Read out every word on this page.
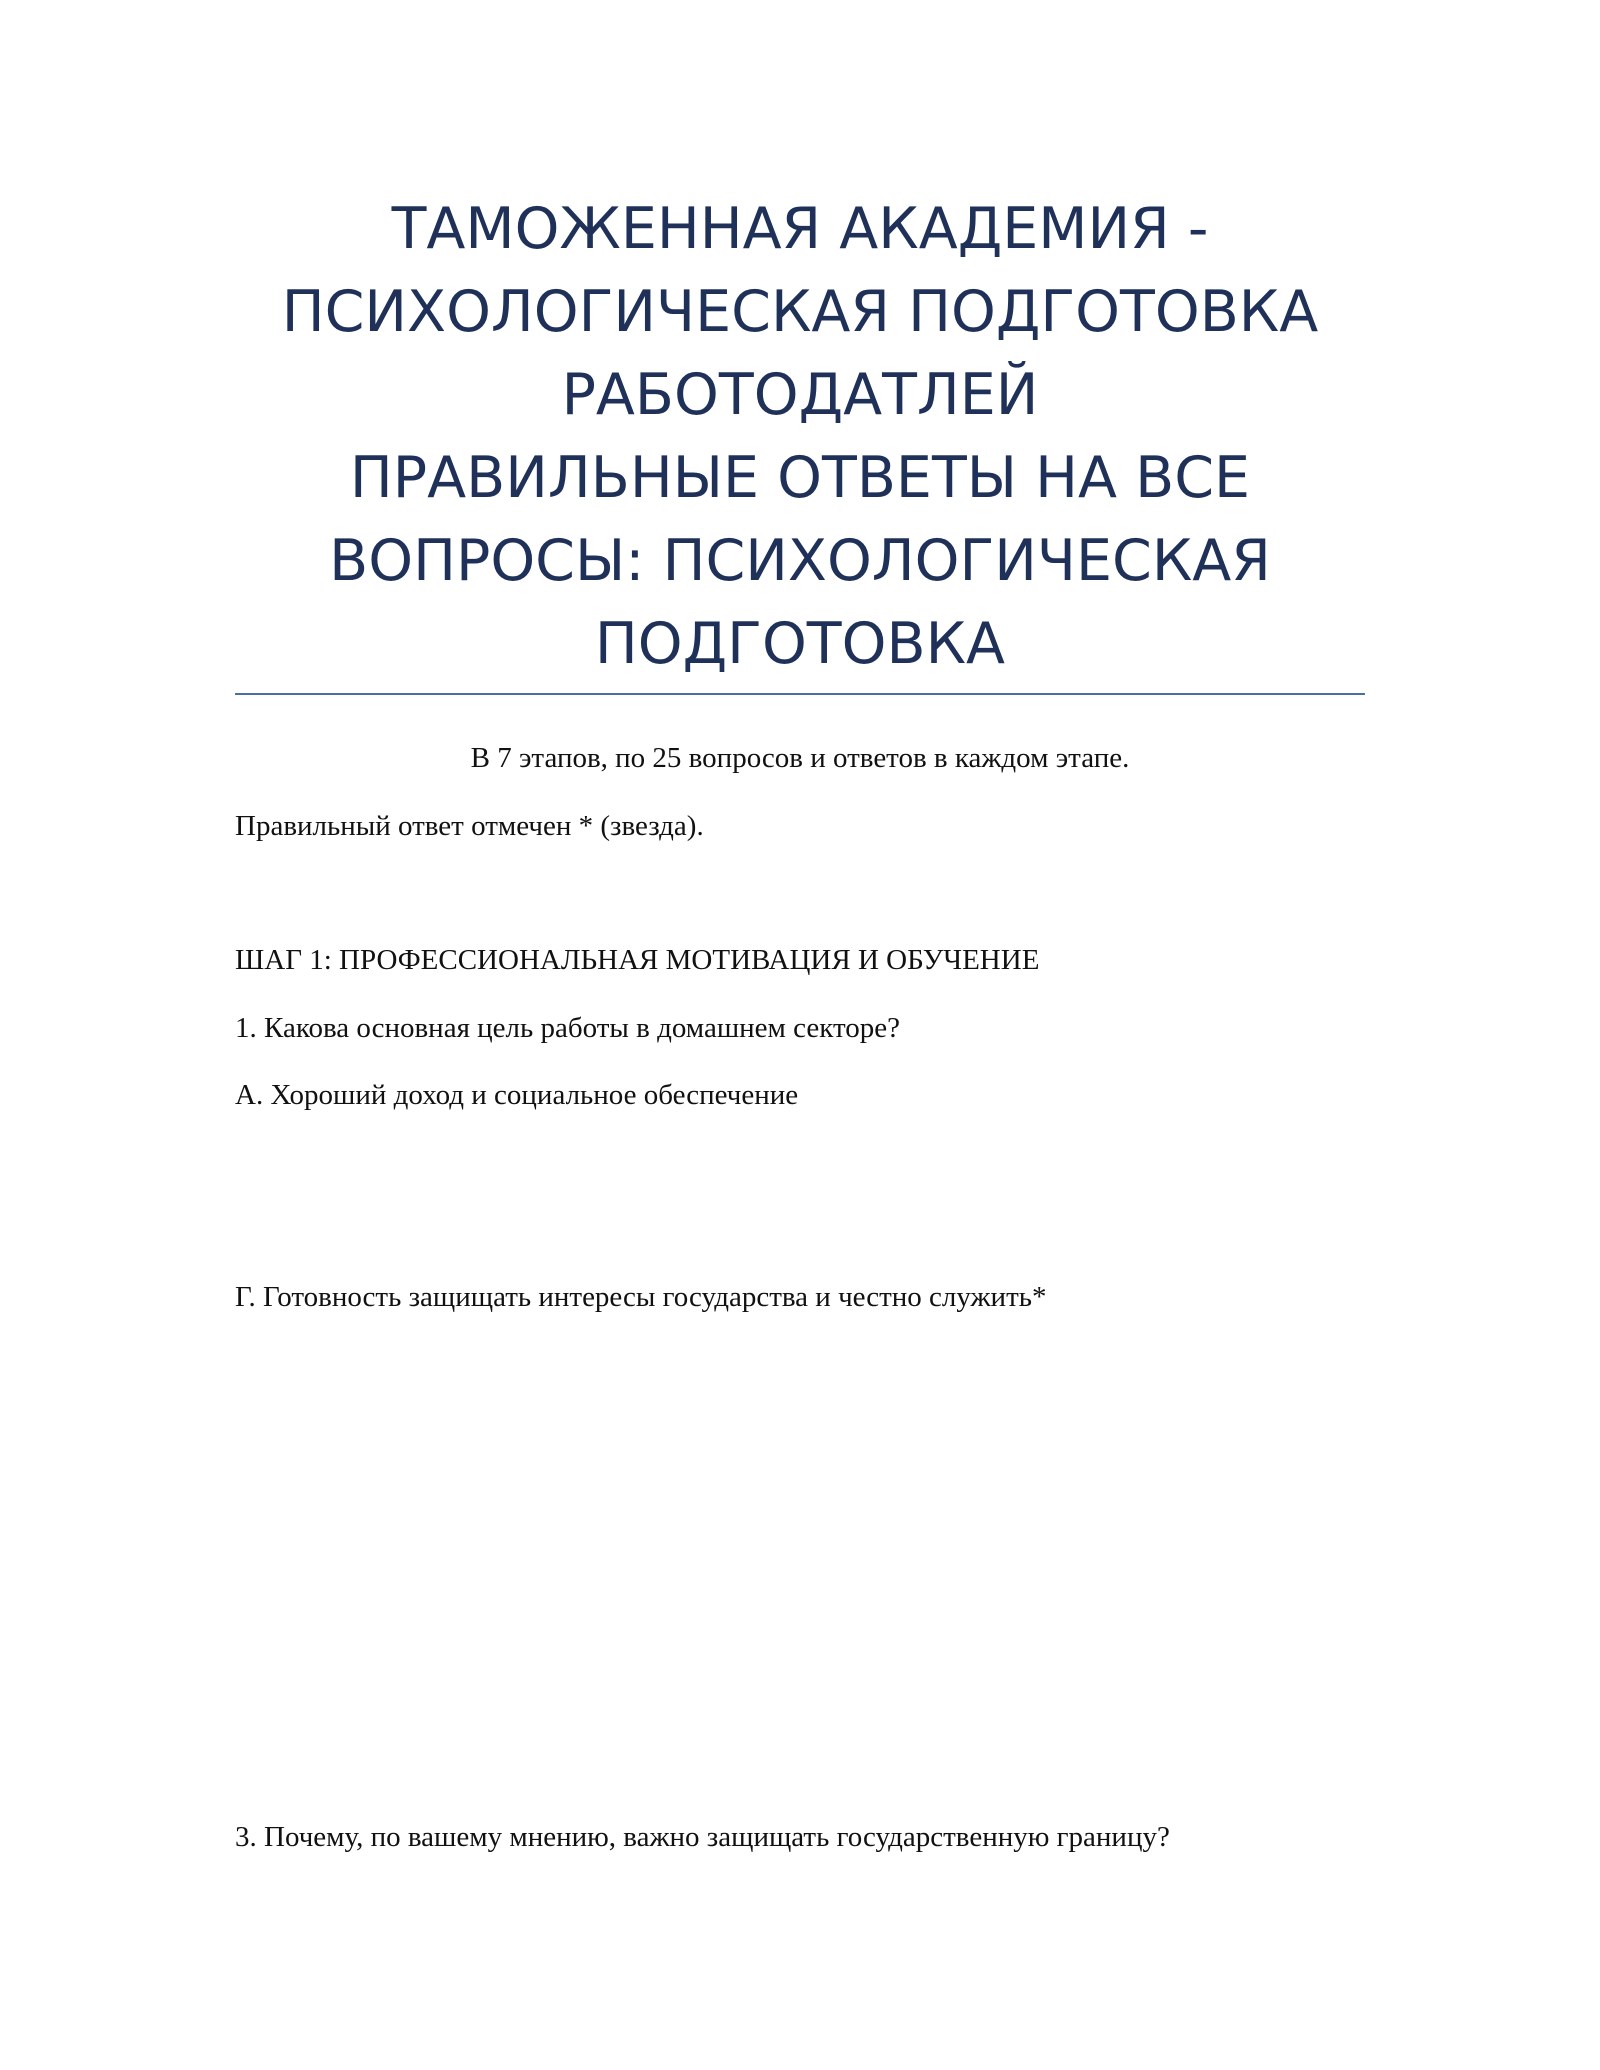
ТАМОЖЕННАЯ АКАДЕМИЯ -
ПСИХОЛОГИЧЕСКАЯ ПОДГОТОВКА
РАБОТОДАТЛЕЙ
ПРАВИЛЬНЫЕ ОТВЕТЫ НА ВСЕ
ВОПРОСЫ: ПСИХОЛОГИЧЕСКАЯ
ПОДГОТОВКА
В 7 этапов, по 25 вопросов и ответов в каждом этапе.
Правильный ответ отмечен * (звезда).
ШАГ 1: ПРОФЕССИОНАЛЬНАЯ МОТИВАЦИЯ И ОБУЧЕНИЕ
1. Какова основная цель работы в домашнем секторе?
А. Хороший доход и социальное обеспечение
Г. Готовность защищать интересы государства и честно служить*
3. Почему, по вашему мнению, важно защищать государственную границу?
